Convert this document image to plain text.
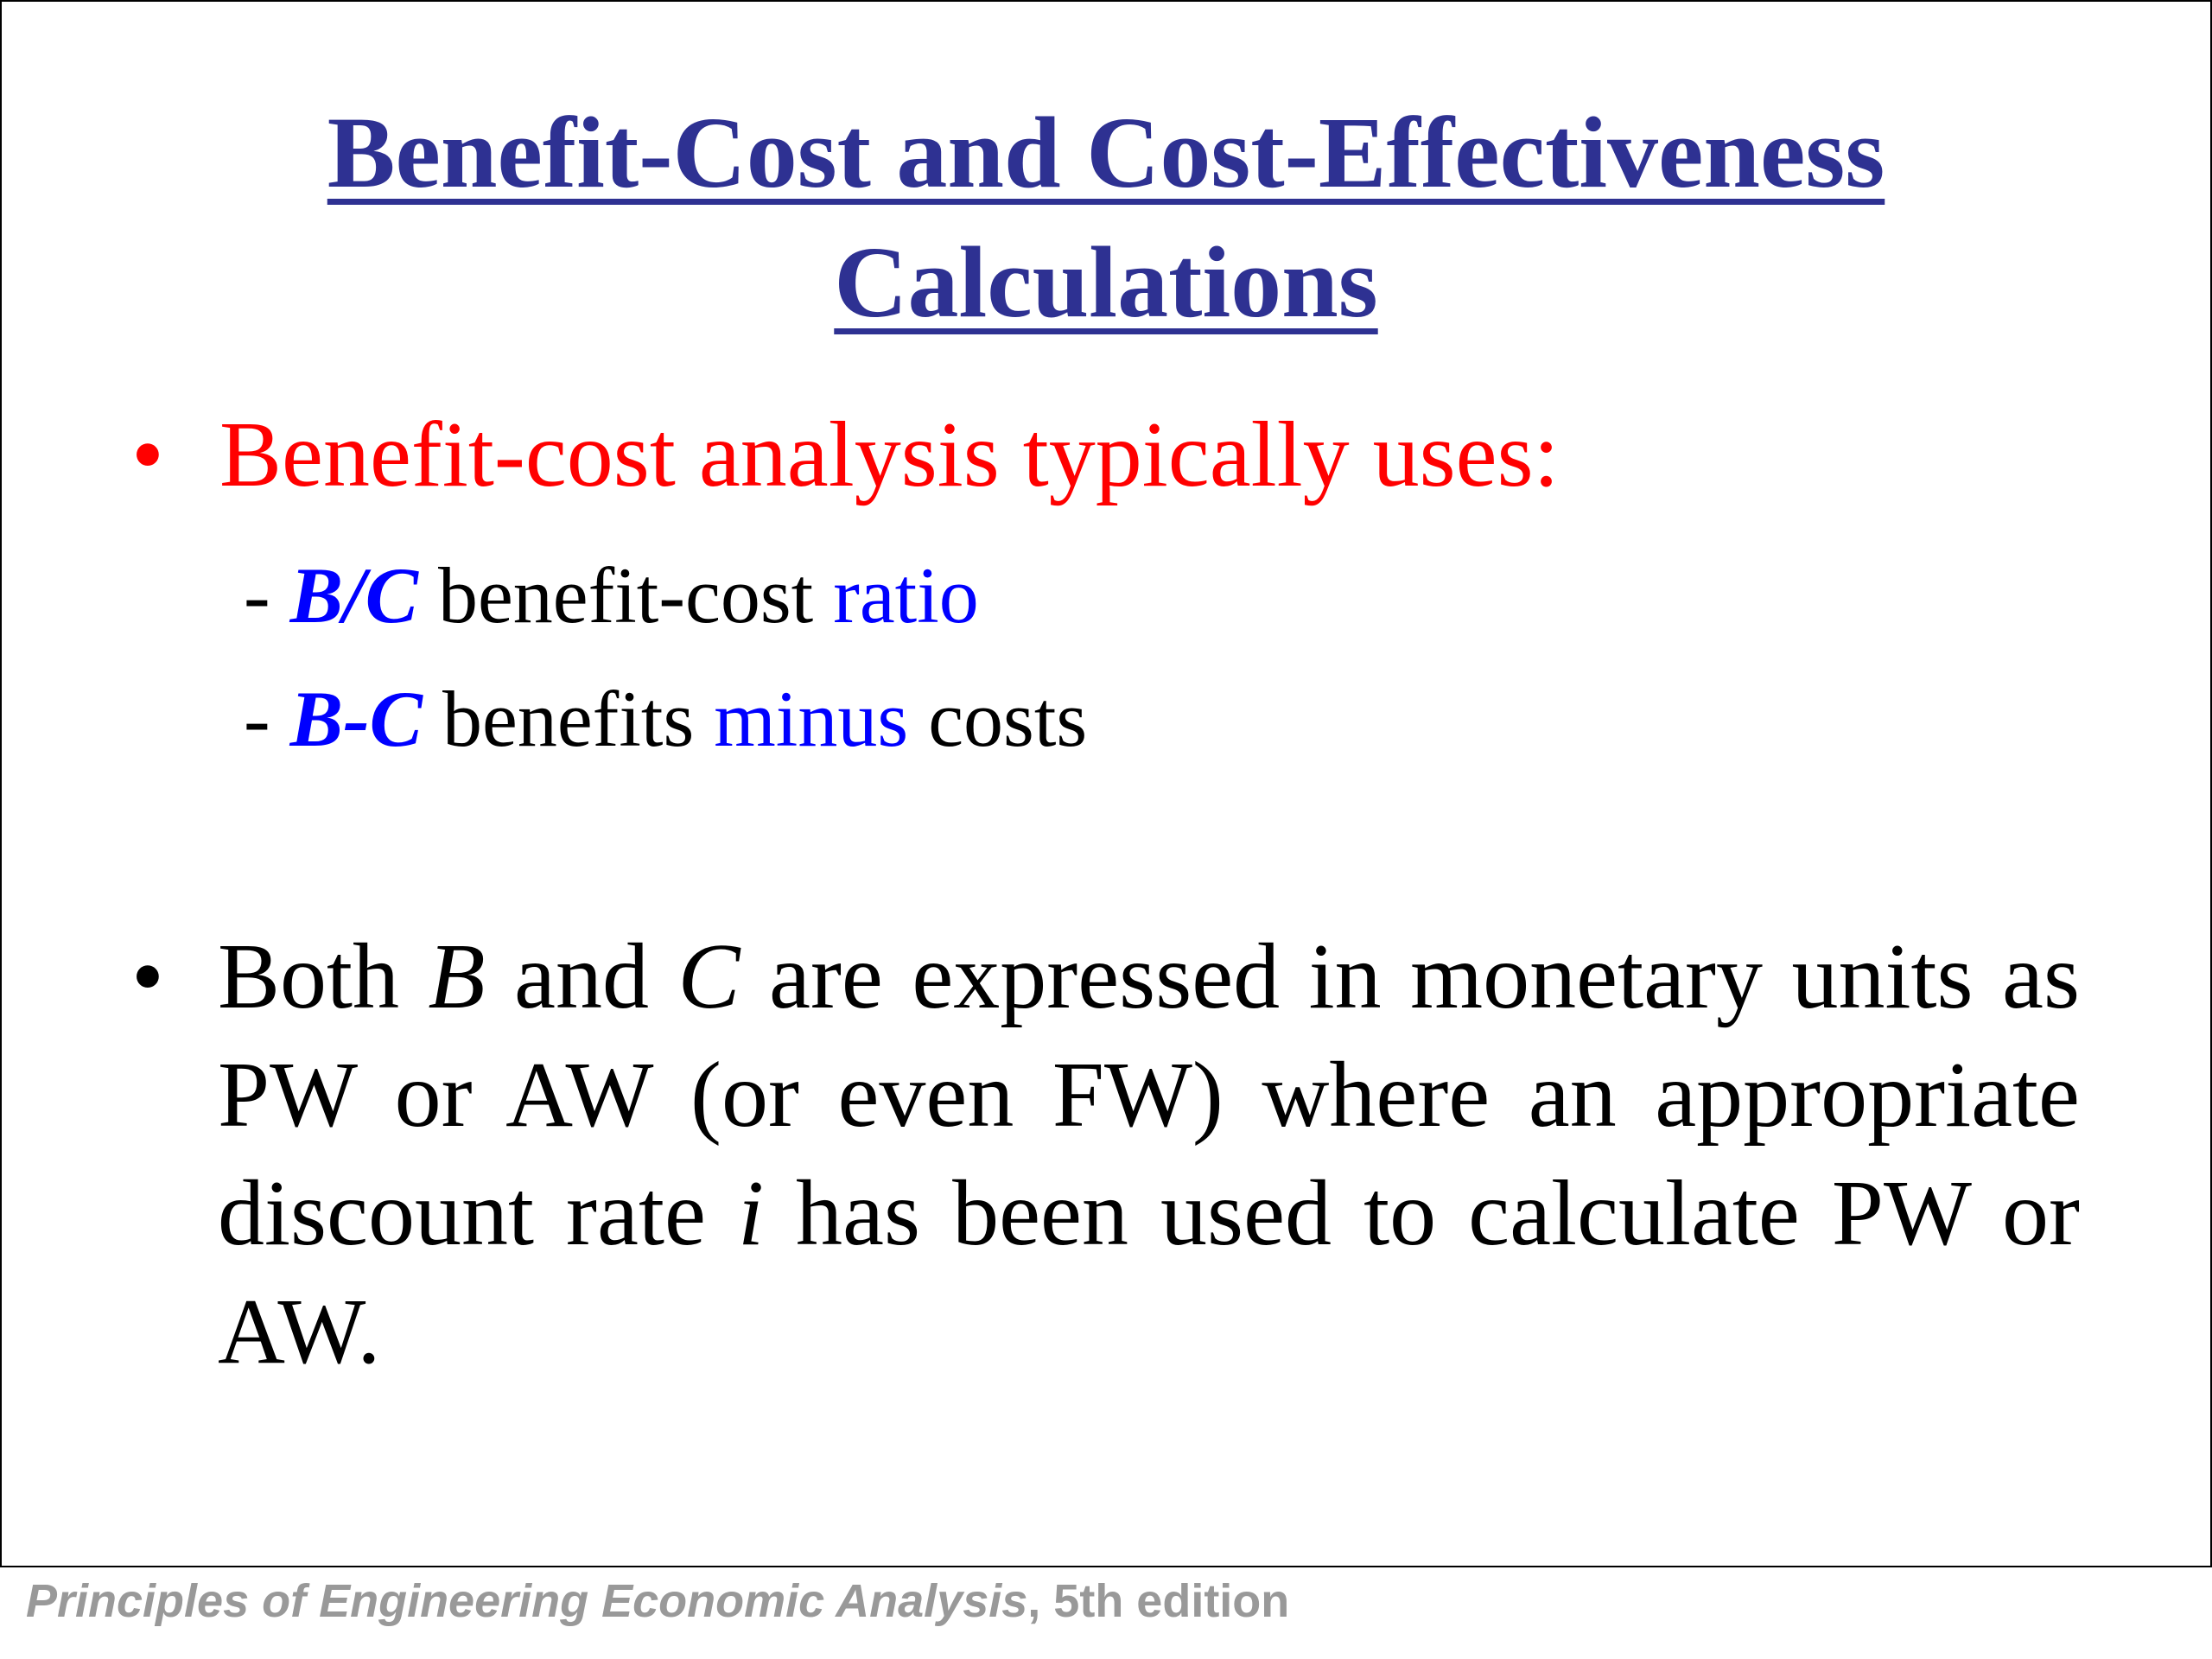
Benefit-Cost and Cost-Effectiveness
Calculations
• Benefit-cost analysis typically uses:
- B/C benefit-cost ratio
- B-C benefits minus costs
• Both B and C are expressed in monetary units as PW or AW (or even FW) where an appropriate discount rate i has been used to calculate PW or AW.

Principles of Engineering Economic Analysis, 5th edition
